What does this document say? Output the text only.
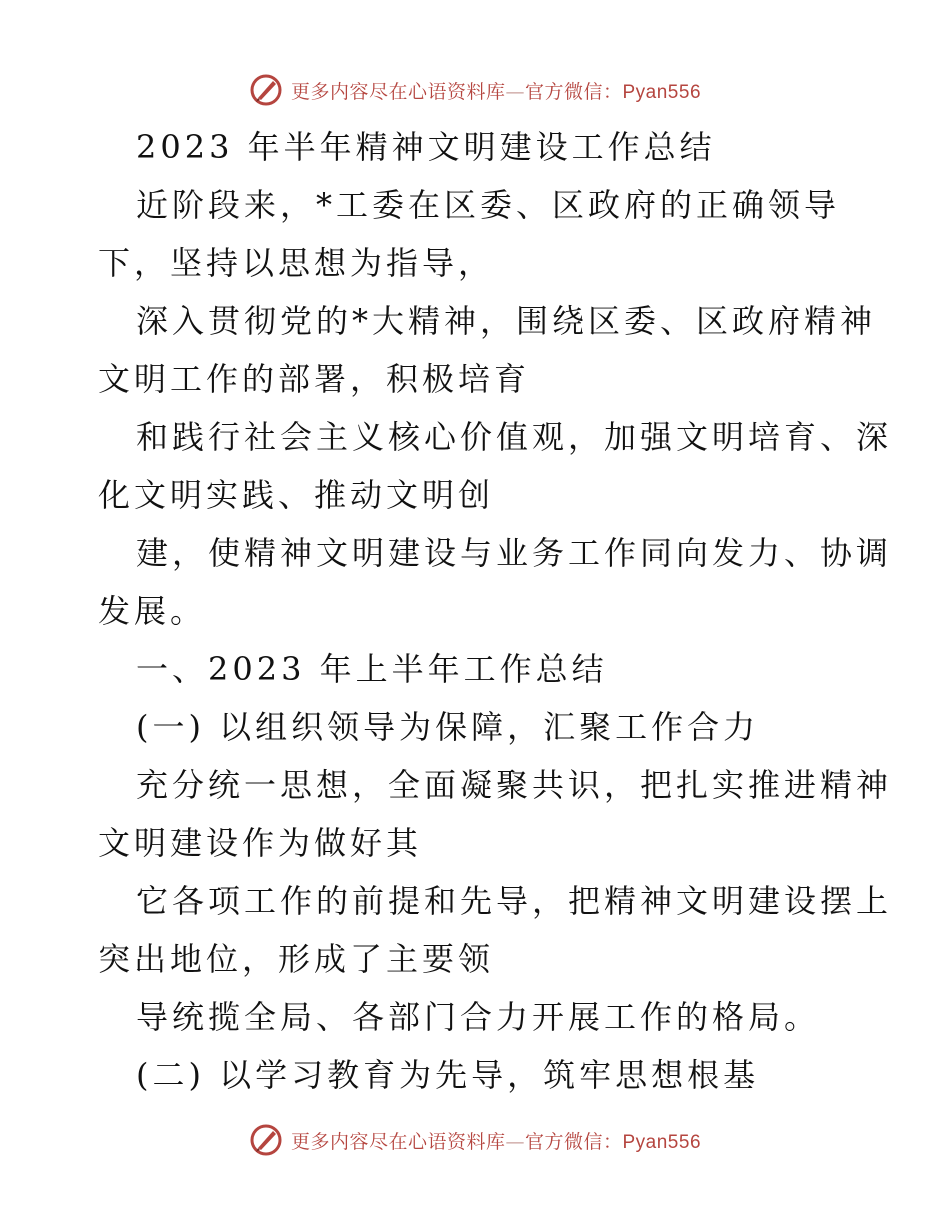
更多内容尽在心语资料库—官方微信：Pyan556
2023 年半年精神文明建设工作总结
近阶段来，*工委在区委、区政府的正确领导
下，坚持以思想为指导，
深入贯彻党的*大精神，围绕区委、区政府精神
文明工作的部署，积极培育
和践行社会主义核心价值观，加强文明培育、深
化文明实践、推动文明创
建，使精神文明建设与业务工作同向发力、协调
发展。
一、2023 年上半年工作总结
(一) 以组织领导为保障，汇聚工作合力
充分统一思想，全面凝聚共识，把扎实推进精神
文明建设作为做好其
它各项工作的前提和先导，把精神文明建设摆上
突出地位，形成了主要领
导统揽全局、各部门合力开展工作的格局。
(二) 以学习教育为先导，筑牢思想根基
更多内容尽在心语资料库—官方微信：Pyan556
